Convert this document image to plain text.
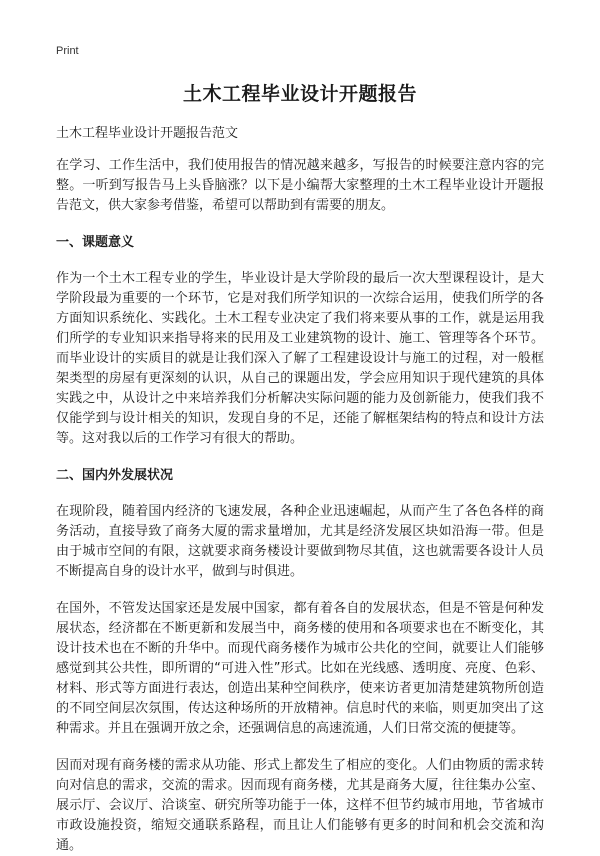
Print
土木工程毕业设计开题报告

土木工程毕业设计开题报告范文

在学习、工作生活中，我们使用报告的情况越来越多，写报告的时候要注意内容的完整。一听到写报告马上头昏脑涨？以下是小编帮大家整理的土木工程毕业设计开题报告范文，供大家参考借鉴，希望可以帮助到有需要的朋友。

一、课题意义

作为一个土木工程专业的学生，毕业设计是大学阶段的最后一次大型课程设计，是大学阶段最为重要的一个环节，它是对我们所学知识的一次综合运用，使我们所学的各方面知识系统化、实践化。土木工程专业决定了我们将来要从事的工作，就是运用我们所学的专业知识来指导将来的民用及工业建筑物的设计、施工、管理等各个环节。而毕业设计的实质目的就是让我们深入了解了工程建设设计与施工的过程，对一般框架类型的房屋有更深刻的认识，从自己的课题出发，学会应用知识于现代建筑的具体实践之中，从设计之中来培养我们分析解决实际问题的能力及创新能力，使我们我不仅能学到与设计相关的知识，发现自身的不足，还能了解框架结构的特点和设计方法等。这对我以后的工作学习有很大的帮助。

二、国内外发展状况

在现阶段，随着国内经济的飞速发展，各种企业迅速崛起，从而产生了各色各样的商务活动，直接导致了商务大厦的需求量增加，尤其是经济发展区块如沿海一带。但是由于城市空间的有限，这就要求商务楼设计要做到物尽其值，这也就需要各设计人员不断提高自身的设计水平，做到与时俱进。

在国外，不管发达国家还是发展中国家，都有着各自的发展状态，但是不管是何种发展状态，经济都在不断更新和发展当中，商务楼的使用和各项要求也在不断变化，其设计技术也在不断的升华中。而现代商务楼作为城市公共化的空间，就要让人们能够感觉到其公共性，即所谓的“可进入性”形式。比如在光线感、透明度、亮度、色彩、材料、形式等方面进行表达，创造出某种空间秩序，使来访者更加清楚建筑物所创造的不同空间层次氛围，传达这种场所的开放精神。信息时代的来临，则更加突出了这种需求。并且在强调开放之余，还强调信息的高速流通，人们日常交流的便捷等。

因而对现有商务楼的需求从功能、形式上都发生了相应的变化。人们由物质的需求转向对信息的需求，交流的需求。因而现有商务楼，尤其是商务大厦，往往集办公室、展示厅、会议厅、洽谈室、研究所等功能于一体，这样不但节约城市用地，节省城市市政设施投资，缩短交通联系路程，而且让人们能够有更多的时间和机会交流和沟通。
